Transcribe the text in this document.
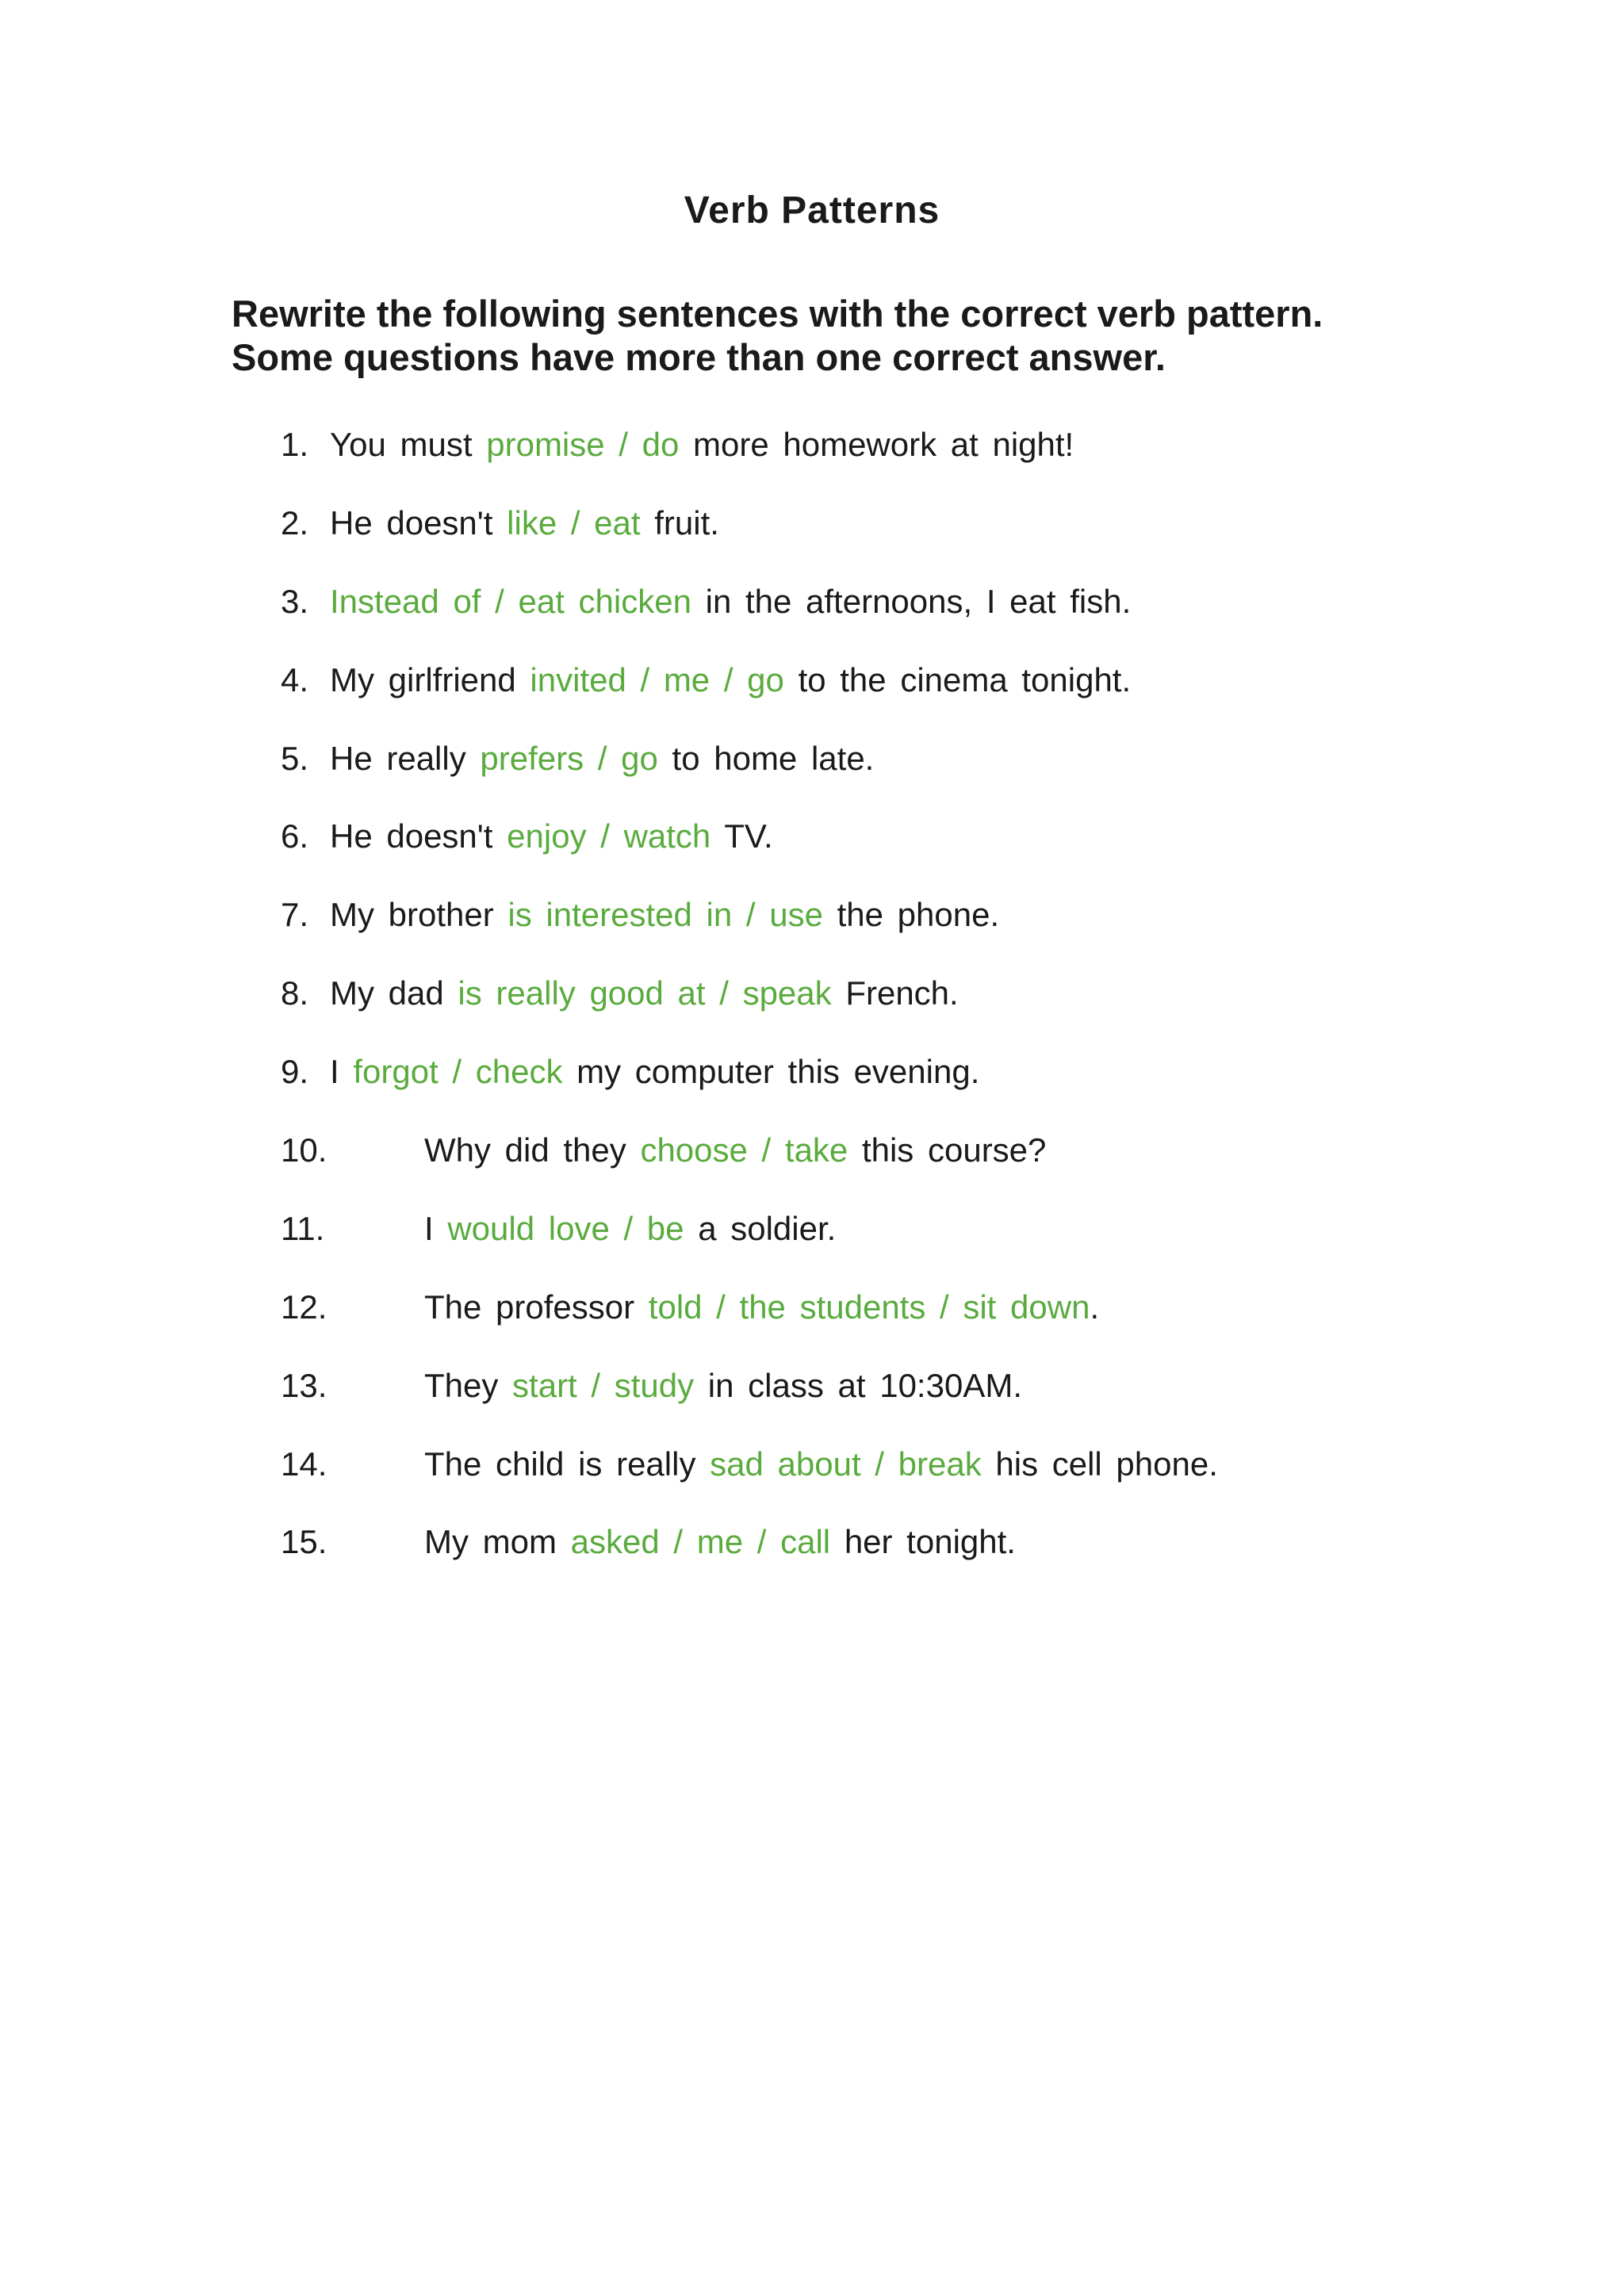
Verb Patterns

Rewrite the following sentences with the correct verb pattern.
Some questions have more than one correct answer.

1. You must promise / do more homework at night!
2. He doesn't like / eat fruit.
3. Instead of / eat chicken in the afternoons, I eat fish.
4. My girlfriend invited / me / go to the cinema tonight.
5. He really prefers / go to home late.
6. He doesn't enjoy / watch TV.
7. My brother is interested in / use the phone.
8. My dad is really good at / speak French.
9. I forgot / check my computer this evening.
10.	Why did they choose / take this course?
11.	I would love / be a soldier.
12.	The professor told / the students / sit down.
13.	They start / study in class at 10:30AM.
14.	The child is really sad about / break his cell phone.
15.	My mom asked / me / call her tonight.
